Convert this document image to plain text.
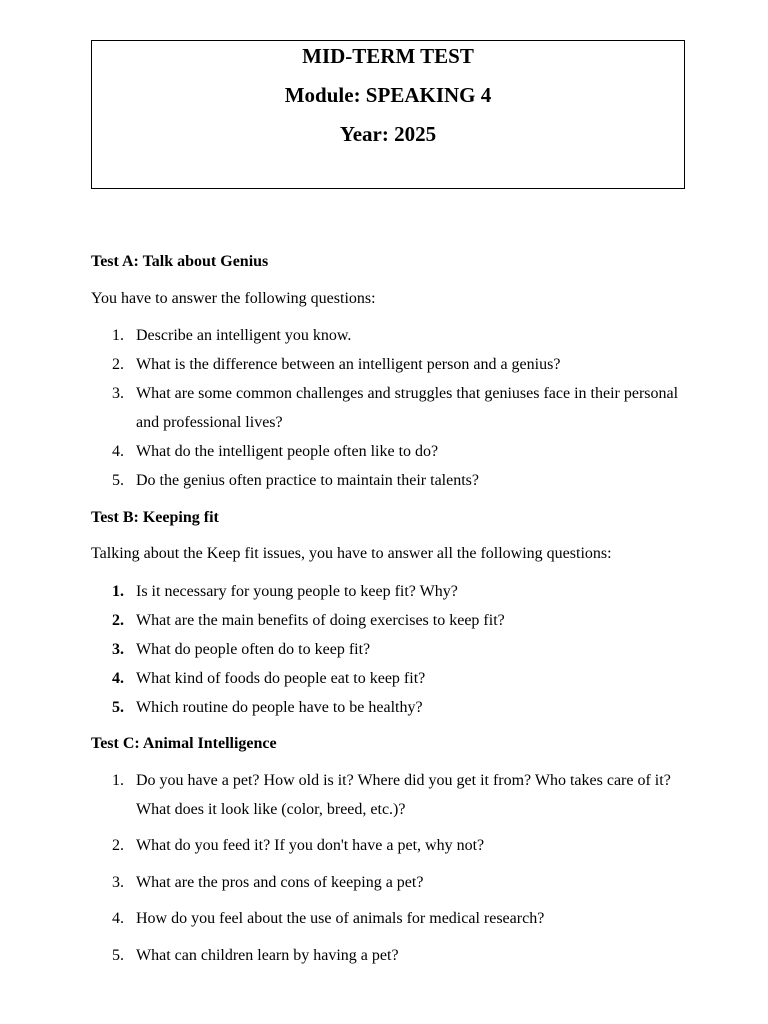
MID-TERM TEST
Module: SPEAKING 4
Year: 2025
Test A: Talk about Genius
You have to answer the following questions:
1. Describe an intelligent you know.
2. What is the difference between an intelligent person and a genius?
3. What are some common challenges and struggles that geniuses face in their personal and professional lives?
4. What do the intelligent people often like to do?
5. Do the genius often practice to maintain their talents?
Test B: Keeping fit
Talking about the Keep fit issues, you have to answer all the following questions:
1. Is it necessary for young people to keep fit? Why?
2. What are the main benefits of doing exercises to keep fit?
3. What do people often do to keep fit?
4. What kind of foods do people eat to keep fit?
5. Which routine do people have to be healthy?
Test C: Animal Intelligence
1. Do you have a pet? How old is it? Where did you get it from? Who takes care of it? What does it look like (color, breed, etc.)?
2. What do you feed it? If you don't have a pet, why not?
3. What are the pros and cons of keeping a pet?
4. How do you feel about the use of animals for medical research?
5. What can children learn by having a pet?
